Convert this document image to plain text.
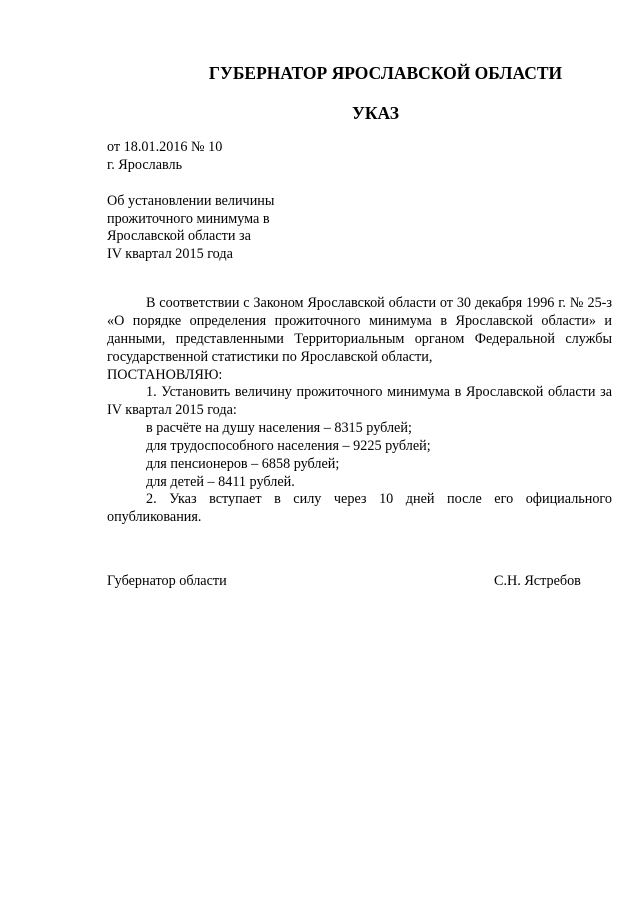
ГУБЕРНАТОР ЯРОСЛАВСКОЙ ОБЛАСТИ
УКАЗ
от 18.01.2016 № 10
г. Ярославль
Об установлении величины
прожиточного минимума в
Ярославской области за
IV квартал 2015 года
В соответствии с Законом Ярославской области от 30 декабря 1996 г. № 25-з «О порядке определения прожиточного минимума в Ярославской области» и данными, представленными Территориальным органом Федеральной службы государственной статистики по Ярославской области,
ПОСТАНОВЛЯЮ:
1. Установить величину прожиточного минимума в Ярославской области за IV квартал 2015 года:
в расчёте на душу населения – 8315 рублей;
для трудоспособного населения – 9225 рублей;
для пенсионеров – 6858 рублей;
для детей – 8411 рублей.
2. Указ вступает в силу через 10 дней после его официального опубликования.
Губернатор области	С.Н. Ястребов
